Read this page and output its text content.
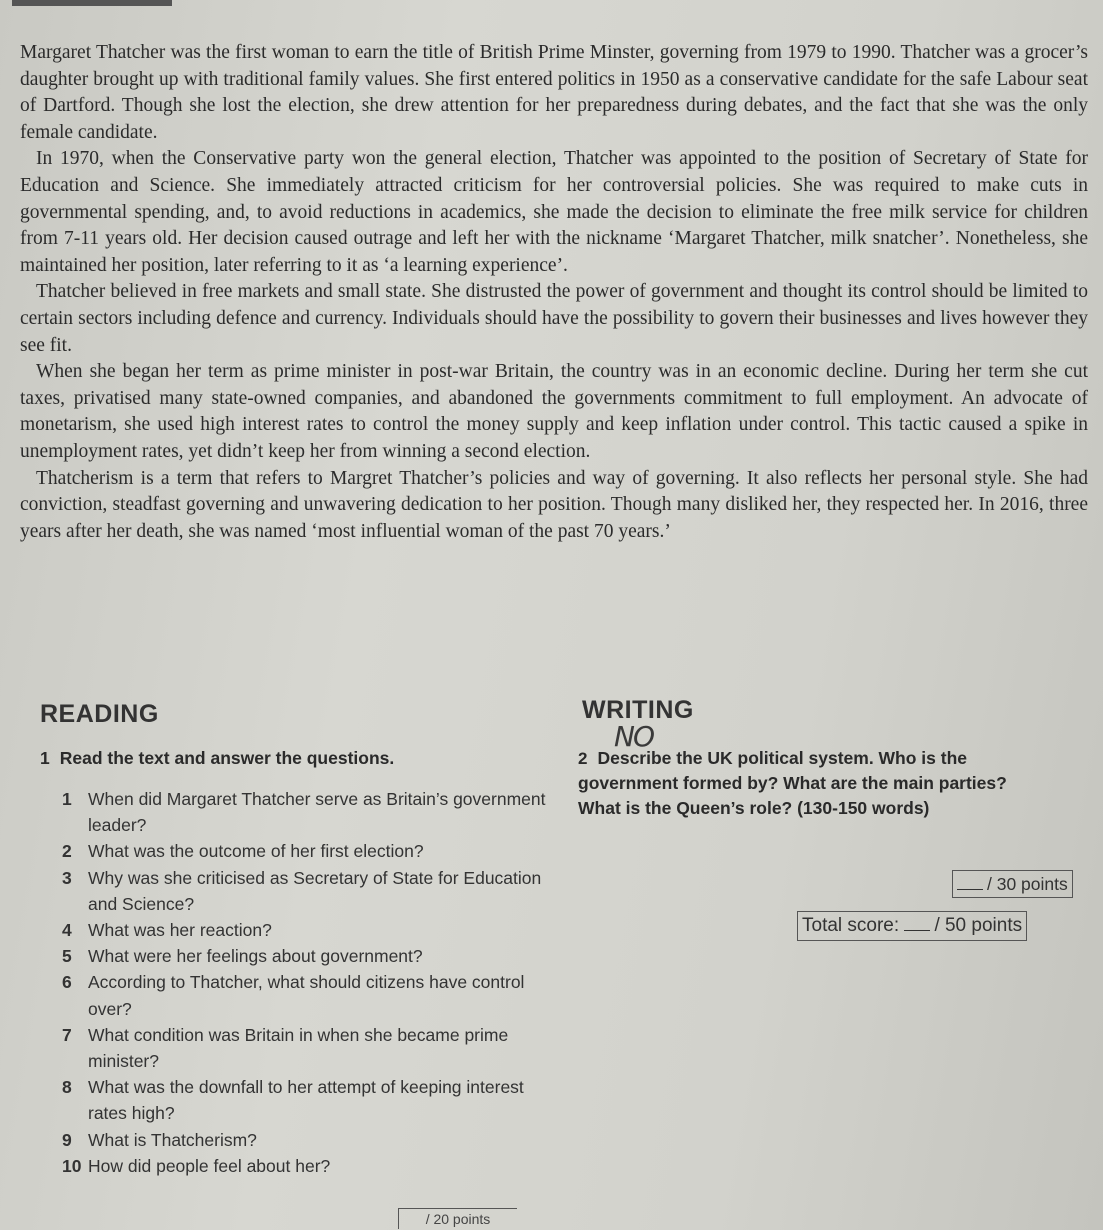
Margaret Thatcher was the first woman to earn the title of British Prime Minster, governing from 1979 to 1990. Thatcher was a grocer’s daughter brought up with traditional family values. She first entered politics in 1950 as a conservative candidate for the safe Labour seat of Dartford. Though she lost the election, she drew attention for her preparedness during debates, and the fact that she was the only female candidate.

In 1970, when the Conservative party won the general election, Thatcher was appointed to the position of Secretary of State for Education and Science. She immediately attracted criticism for her controversial policies. She was required to make cuts in governmental spending, and, to avoid reductions in academics, she made the decision to eliminate the free milk service for children from 7-11 years old. Her decision caused outrage and left her with the nickname ‘Margaret Thatcher, milk snatcher’. Nonetheless, she maintained her position, later referring to it as ‘a learning experience’.

Thatcher believed in free markets and small state. She distrusted the power of government and thought its control should be limited to certain sectors including defence and currency. Individuals should have the possibility to govern their businesses and lives however they see fit.

When she began her term as prime minister in post-war Britain, the country was in an economic decline. During her term she cut taxes, privatised many state-owned companies, and abandoned the governments commitment to full employment. An advocate of monetarism, she used high interest rates to control the money supply and keep inflation under control. This tactic caused a spike in unemployment rates, yet didn’t keep her from winning a second election.

Thatcherism is a term that refers to Margret Thatcher’s policies and way of governing. It also reflects her personal style. She had conviction, steadfast governing and unwavering dedication to her position. Though many disliked her, they respected her. In 2016, three years after her death, she was named ‘most influential woman of the past 70 years.’

READING	WRITING
1 Read the text and answer the questions.
1 When did Margaret Thatcher serve as Britain’s government leader?
2 What was the outcome of her first election?
3 Why was she criticised as Secretary of State for Education and Science?
4 What was her reaction?
5 What were her feelings about government?
6 According to Thatcher, what should citizens have control over?
7 What condition was Britain in when she became prime minister?
8 What was the downfall to her attempt of keeping interest rates high?
9 What is Thatcherism?
10 How did people feel about her?
NO
2 Describe the UK political system. Who is the government formed by? What are the main parties? What is the Queen’s role? (130-150 words)
/ 30 points
Total score: / 50 points
/ 20 points
